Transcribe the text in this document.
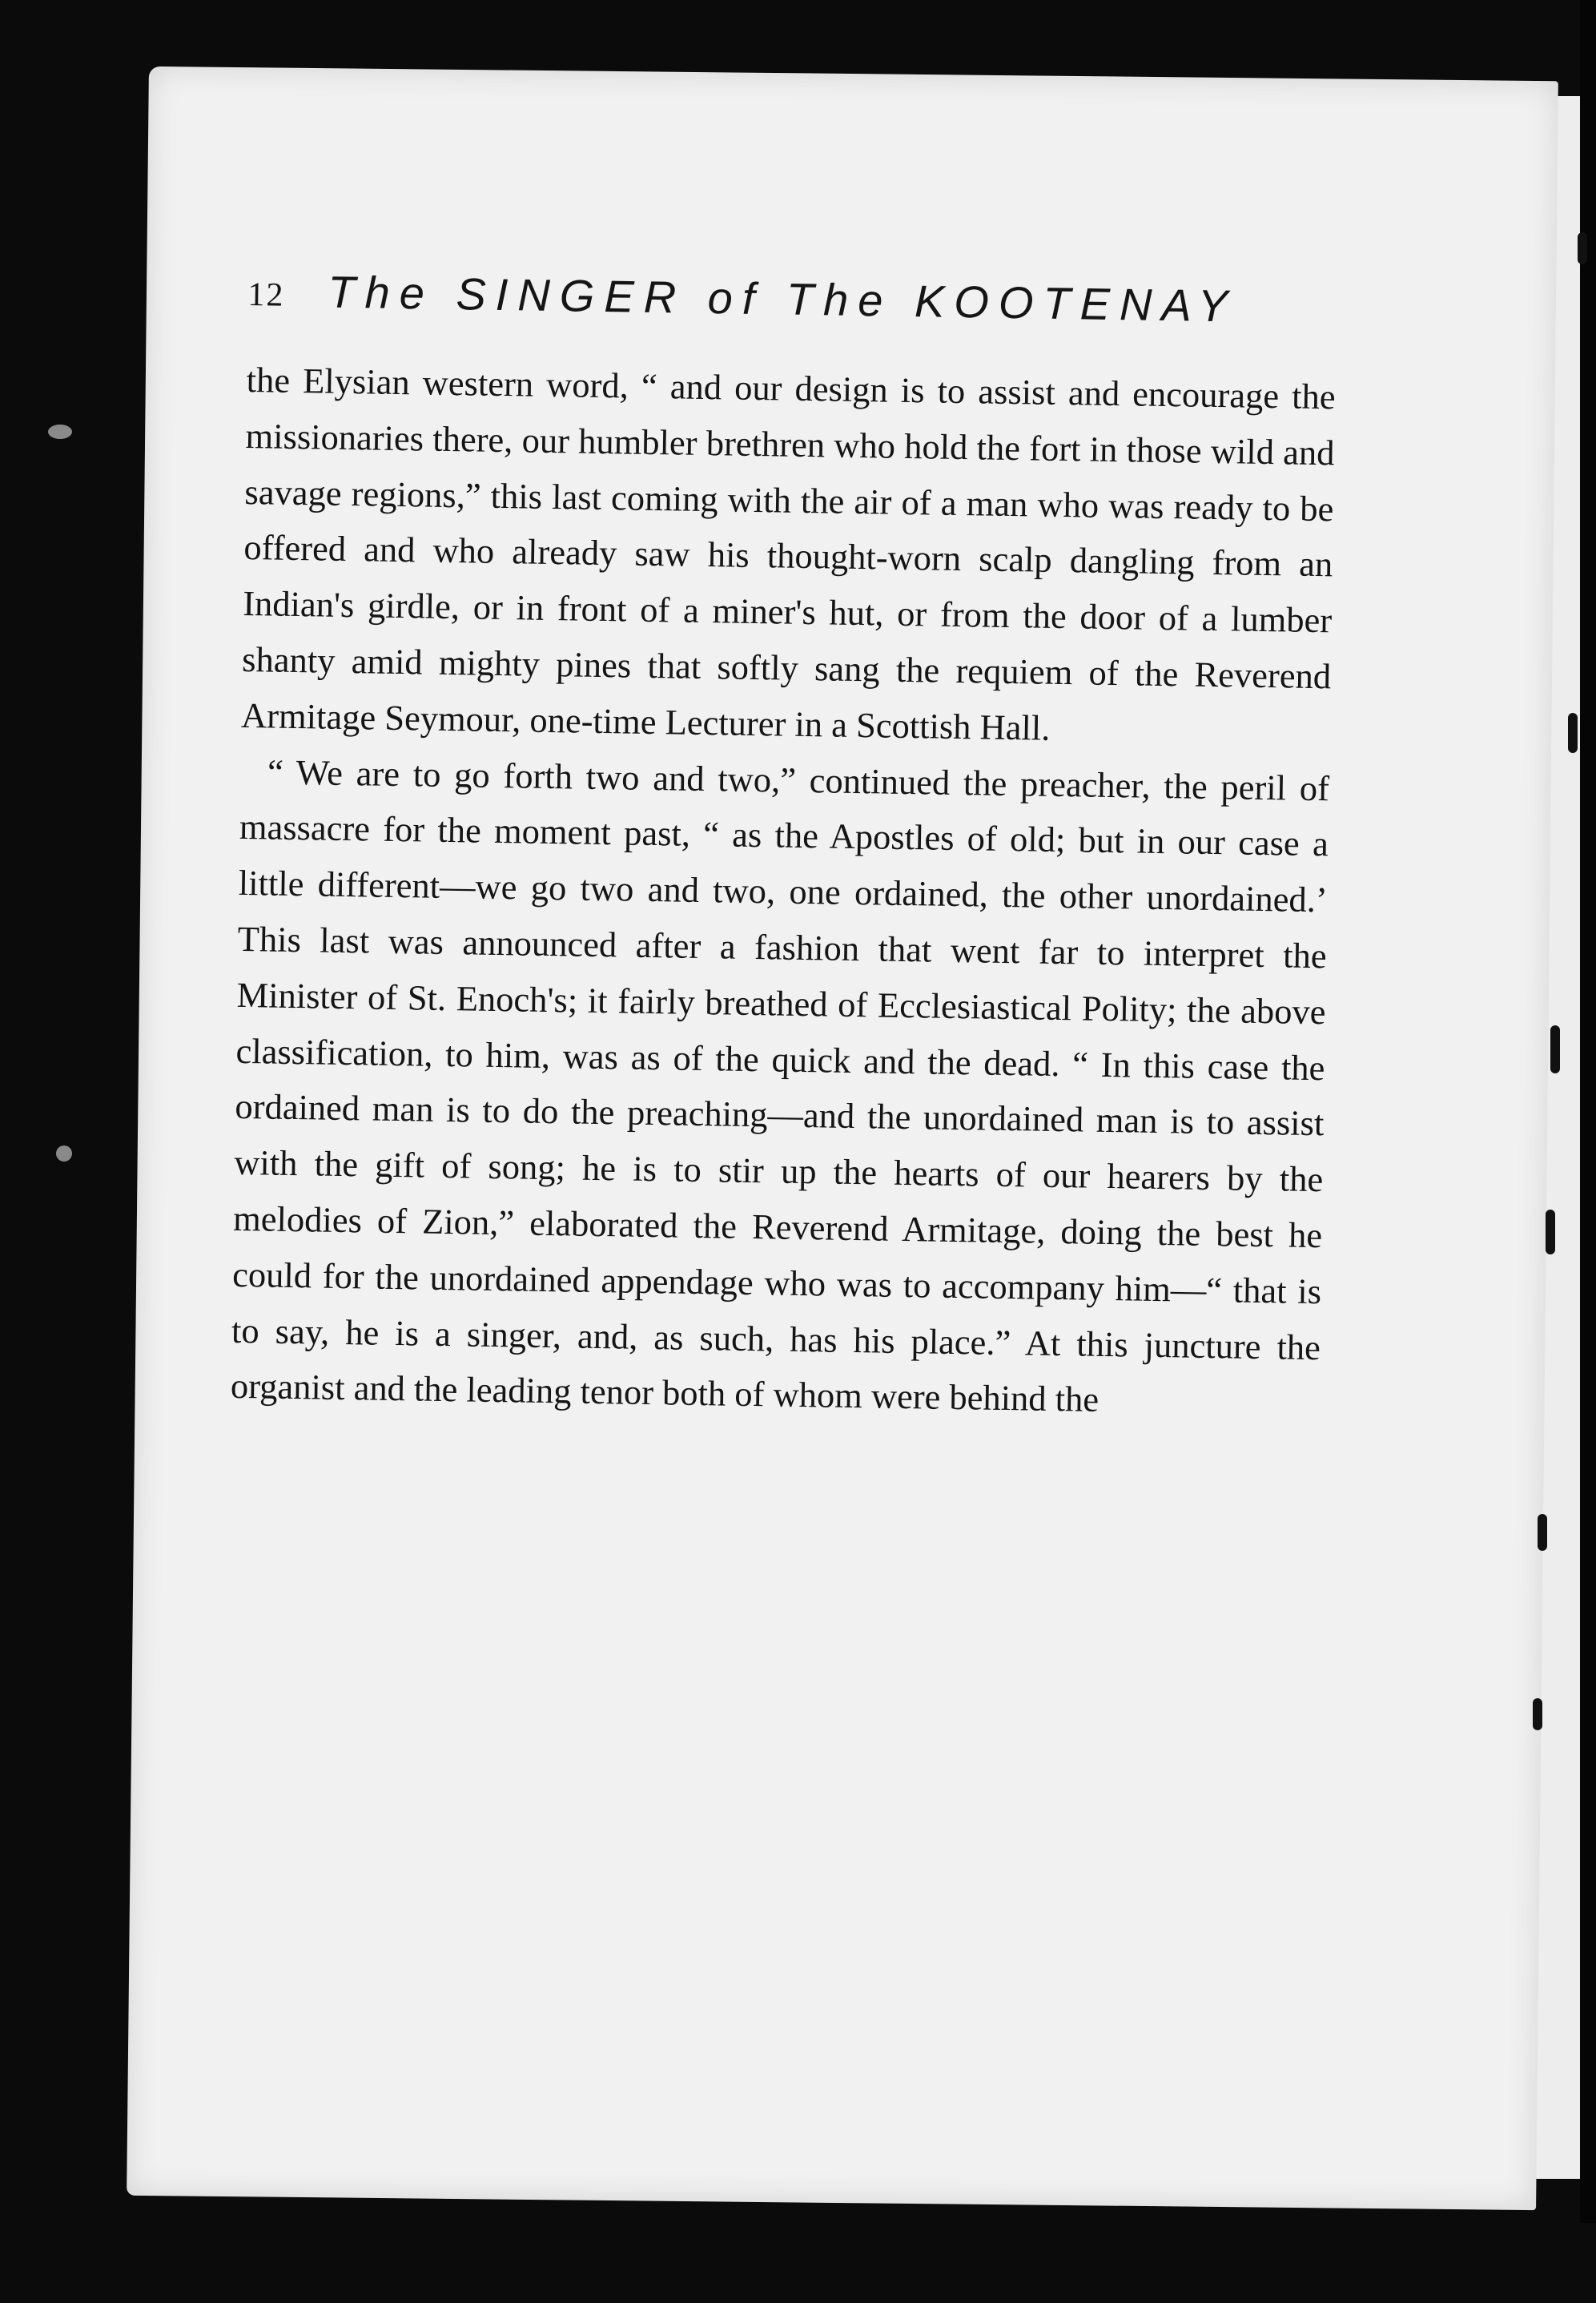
12 The SINGER of The KOOTENAY

the Elysian western word, “ and our design is to assist and encourage the missionaries there, our humbler brethren who hold the fort in those wild and savage regions,” this last coming with the air of a man who was ready to be offered and who already saw his thought-worn scalp dangling from an Indian's girdle, or in front of a miner's hut, or from the door of a lumber shanty amid mighty pines that softly sang the requiem of the Reverend Armitage Seymour, one-time Lecturer in a Scottish Hall.

“ We are to go forth two and two,” continued the preacher, the peril of massacre for the moment past, “ as the Apostles of old; but in our case a little different—we go two and two, one ordained, the other unordained.’ This last was announced after a fashion that went far to interpret the Minister of St. Enoch's; it fairly breathed of Ecclesiastical Polity; the above classification, to him, was as of the quick and the dead. “ In this case the ordained man is to do the preaching—and the unordained man is to assist with the gift of song; he is to stir up the hearts of our hearers by the melodies of Zion,” elaborated the Reverend Armitage, doing the best he could for the unordained appendage who was to accompany him—“ that is to say, he is a singer, and, as such, has his place.” At this juncture the organist and the leading tenor both of whom were behind the
